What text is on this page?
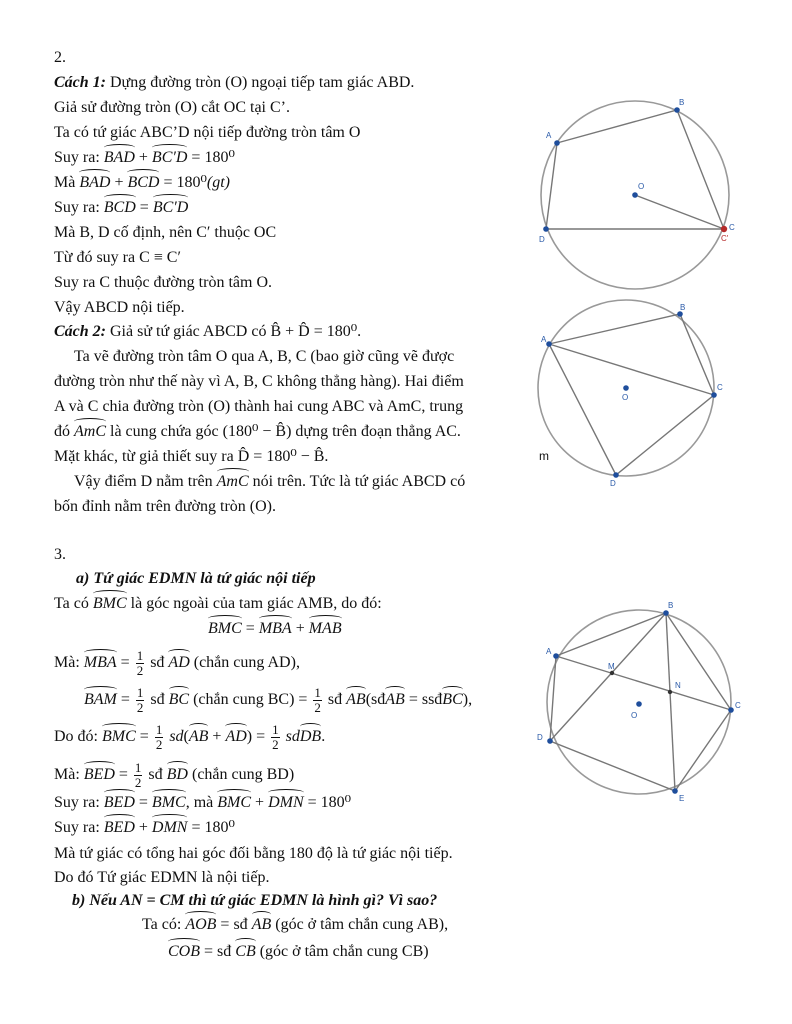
2.
Cách 1: Dựng đường tròn (O) ngoại tiếp tam giác ABD.
Giả sử đường tròn (O) cắt OC tại C’.
Ta có tứ giác ABC’D nội tiếp đường tròn tâm O
Suy ra: BAD + BC′D = 180⁰
Mà BAD + BCD = 180⁰(gt)
Suy ra: BCD = BC′D
Mà B, D cố định, nên C′ thuộc OC
Từ đó suy ra C ≡ C′
Suy ra C thuộc đường tròn tâm O.
Vậy ABCD nội tiếp.
Cách 2: Giả sử tứ giác ABCD có B̂ + D̂ = 180⁰.
Ta vẽ đường tròn tâm O qua A, B, C (bao giờ cũng vẽ được
đường tròn như thế này vì A, B, C không thẳng hàng). Hai điểm
A và C chia đường tròn (O) thành hai cung ABC và AmC, trung
đó AmC là cung chứa góc (180⁰ − B̂) dựng trên đoạn thẳng AC.
Mặt khác, từ giả thiết suy ra D̂ = 180⁰ − B̂.
Vậy điểm D nằm trên AmC nói trên. Tức là tứ giác ABCD có
bốn đỉnh nằm trên đường tròn (O).
A
B
O
C
C'
D
A
B
C
D
O
m
3.
a) Tứ giác EDMN là tứ giác nội tiếp
Ta có BMC là góc ngoài của tam giác AMB, do đó:
BMC = MBA + MAB
Mà: MBA = $\frac{1}{2}$ sđ AD (chắn cung AD),
BAM = $\frac{1}{2}$ sđ BC (chắn cung $BC) = \frac{1}{2}$ sđ AB(sđAB = ssđBC),
Do đó: BMC = $\frac{1}{2} sd(AB + AD) = \frac{1}{2}$ sdDB.
Mà: BED = $\frac{1}{2}$ sđ BD (chắn cung BD)
Suy ra: BED = BMC, mà BMC + DMN = 180⁰
Suy ra: BED + DMN = 180⁰
Mà tứ giác có tổng hai góc đối bằng 180 độ là tứ giác nội tiếp.
Do đó Tứ giác EDMN là nội tiếp.
b) Nếu AN = CM thì tứ giác EDMN là hình gì? Vì sao?
Ta có: AOB = sđ AB (góc ở tâm chắn cung AB),
COB = sđ CB (góc ở tâm chắn cung CB)
A
B
M
N
O
C
D
E
